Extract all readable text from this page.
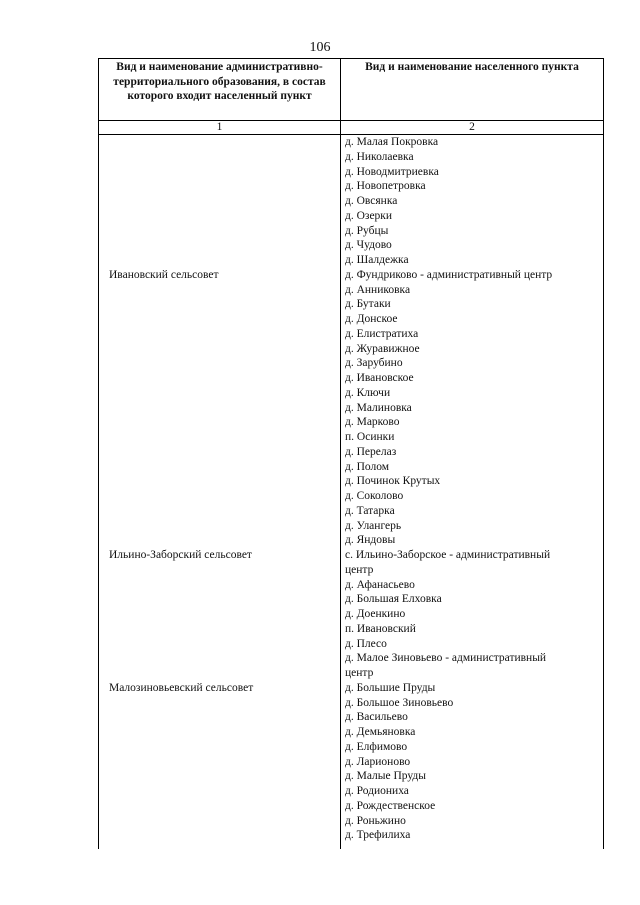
106
Вид и наименование административно-территориального образования, в состав которого входит населенный пункт
Вид и наименование населенного пункта
1	2
Ивановский сельсовет
Ильино-Заборский сельсовет
Малозиновьевский сельсовет
д. Малая Покровка
д. Николаевка
д. Новодмитриевка
д. Новопетровка
д. Овсянка
д. Озерки
д. Рубцы
д. Чудово
д. Шалдежка
д. Фундриково - административный центр
д. Анниковка
д. Бутаки
д. Донское
д. Елистратиха
д. Журавижное
д. Зарубино
д. Ивановское
д. Ключи
д. Малиновка
д. Марково
п. Осинки
д. Перелаз
д. Полом
д. Починок Крутых
д. Соколово
д. Татарка
д. Улангерь
д. Яндовы
с. Ильино-Заборское - административный центр
д. Афанасьево
д. Большая Елховка
д. Доенкино
п. Ивановский
д. Плесо
д. Малое Зиновьево - административный центр
д. Большие Пруды
д. Большое Зиновьево
д. Васильево
д. Демьяновка
д. Елфимово
д. Ларионово
д. Малые Пруды
д. Родиониха
д. Рождественское
д. Роньжино
д. Трефилиха
